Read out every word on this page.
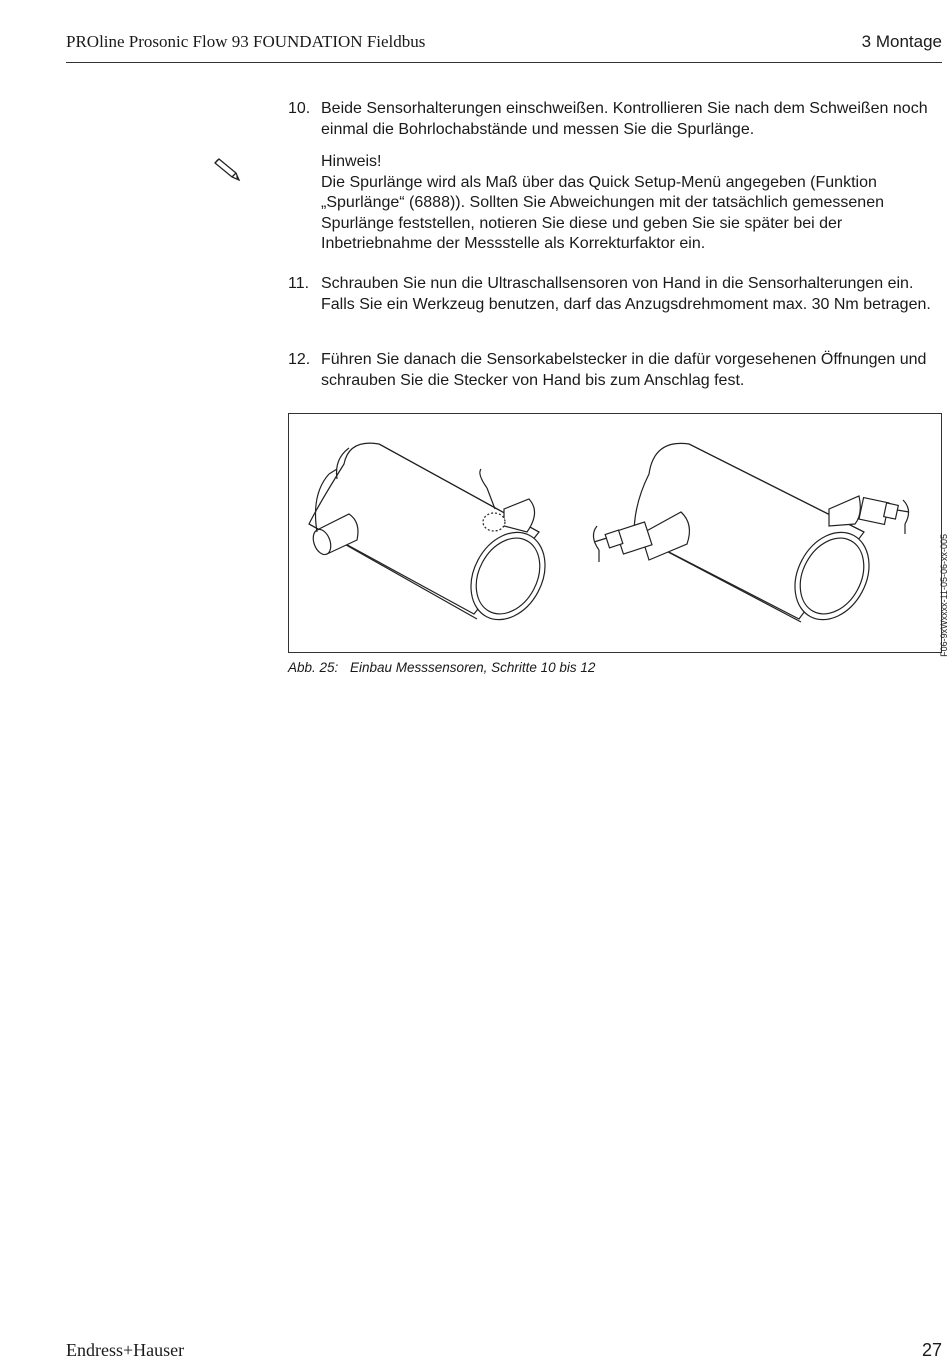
PROline Prosonic Flow 93 FOUNDATION Fieldbus	3 Montage
10. Beide Sensorhalterungen einschweißen. Kontrollieren Sie nach dem Schweißen noch einmal die Bohrlochabstände und messen Sie die Spurlänge.
Hinweis!
Die Spurlänge wird als Maß über das Quick Setup-Menü angegeben (Funktion „Spurlänge“ (6888)). Sollten Sie Abweichungen mit der tatsächlich gemessenen Spurlänge feststellen, notieren Sie diese und geben Sie sie später bei der Inbetriebnahme der Messstelle als Korrekturfaktor ein.
11. Schrauben Sie nun die Ultraschallsensoren von Hand in die Sensorhalterungen ein. Falls Sie ein Werkzeug benutzen, darf das Anzugsdrehmoment max. 30 Nm betragen.
12. Führen Sie danach die Sensorkabelstecker in die dafür vorgesehenen Öffnungen und schrauben Sie die Stecker von Hand bis zum Anschlag fest.
F06-9xWxxxx-11-05-06-xx-005
Abb. 25: Einbau Messsensoren, Schritte 10 bis 12
Endress+Hauser	27
